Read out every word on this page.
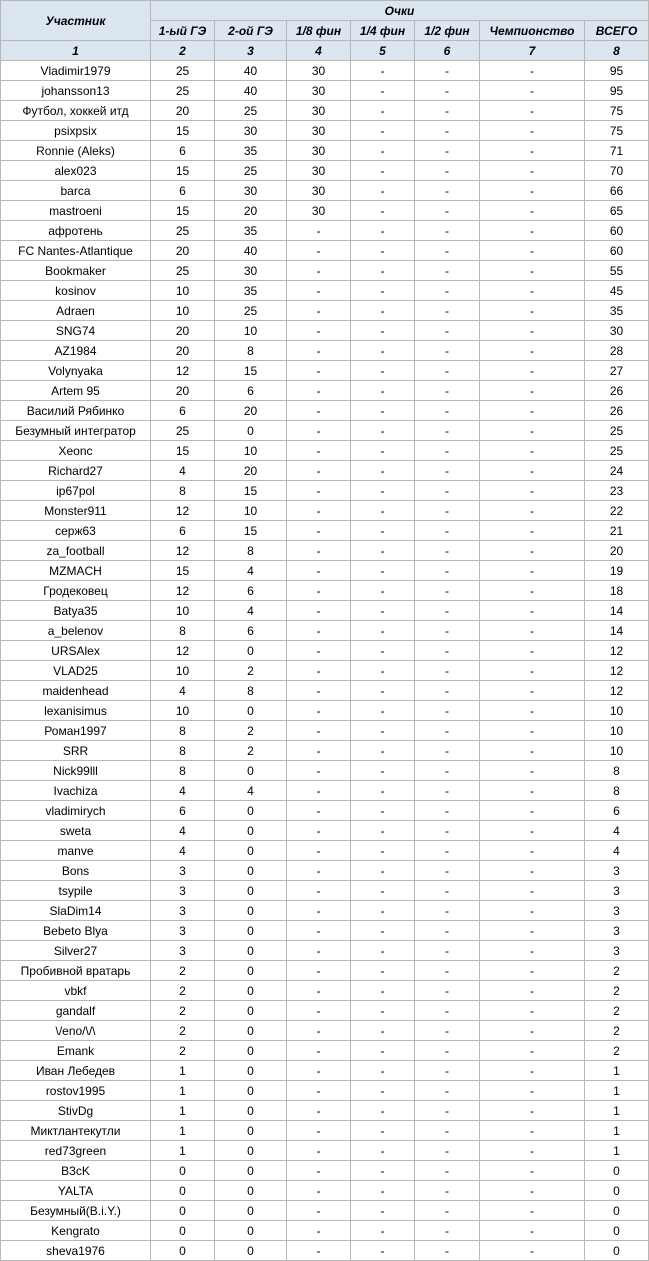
Участник	Очки						
	1-ый ГЭ	2-ой ГЭ	1/8 фин	1/4 фин	1/2 фин	Чемпионство	ВСЕГО
1	2	3	4	5	6	7	8
Vladimir1979	25	40	30	-	-	-	95
johansson13	25	40	30	-	-	-	95
Футбол, хоккей итд	20	25	30	-	-	-	75
psixpsix	15	30	30	-	-	-	75
Ronnie (Aleks)	6	35	30	-	-	-	71
alex023	15	25	30	-	-	-	70
barca	6	30	30	-	-	-	66
mastroeni	15	20	30	-	-	-	65
афротень	25	35	-	-	-	-	60
FC Nantes-Atlantique	20	40	-	-	-	-	60
Bookmaker	25	30	-	-	-	-	55
kosinov	10	35	-	-	-	-	45
Adraen	10	25	-	-	-	-	35
SNG74	20	10	-	-	-	-	30
AZ1984	20	8	-	-	-	-	28
Volynyaka	12	15	-	-	-	-	27
Artem 95	20	6	-	-	-	-	26
Василий Рябинко	6	20	-	-	-	-	26
Безумный интегратор	25	0	-	-	-	-	25
Xeonc	15	10	-	-	-	-	25
Richard27	4	20	-	-	-	-	24
ip67pol	8	15	-	-	-	-	23
Monster911	12	10	-	-	-	-	22
серж63	6	15	-	-	-	-	21
za_football	12	8	-	-	-	-	20
MZMACH	15	4	-	-	-	-	19
Гродековец	12	6	-	-	-	-	18
Batya35	10	4	-	-	-	-	14
a_belenov	8	6	-	-	-	-	14
URSAlex	12	0	-	-	-	-	12
VLAD25	10	2	-	-	-	-	12
maidenhead	4	8	-	-	-	-	12
lexanisimus	10	0	-	-	-	-	10
Роман1997	8	2	-	-	-	-	10
SRR	8	2	-	-	-	-	10
Nick99lll	8	0	-	-	-	-	8
Ivachiza	4	4	-	-	-	-	8
vladimirych	6	0	-	-	-	-	6
sweta	4	0	-	-	-	-	4
manve	4	0	-	-	-	-	4
Bons	3	0	-	-	-	-	3
tsypile	3	0	-	-	-	-	3
SlaDim14	3	0	-	-	-	-	3
Bebeto Blya	3	0	-	-	-	-	3
Silver27	3	0	-	-	-	-	3
Пробивной вратарь	2	0	-	-	-	-	2
vbkf	2	0	-	-	-	-	2
gandalf	2	0	-	-	-	-	2
\/eno/\/\	2	0	-	-	-	-	2
Emank	2	0	-	-	-	-	2
Иван Лебедев	1	0	-	-	-	-	1
rostov1995	1	0	-	-	-	-	1
StivDg	1	0	-	-	-	-	1
Миктлантекутли	1	0	-	-	-	-	1
red73green	1	0	-	-	-	-	1
B3cK	0	0	-	-	-	-	0
YALTA	0	0	-	-	-	-	0
Безумный(B.i.Y.)	0	0	-	-	-	-	0
Kengrato	0	0	-	-	-	-	0
sheva1976	0	0	-	-	-	-	0
